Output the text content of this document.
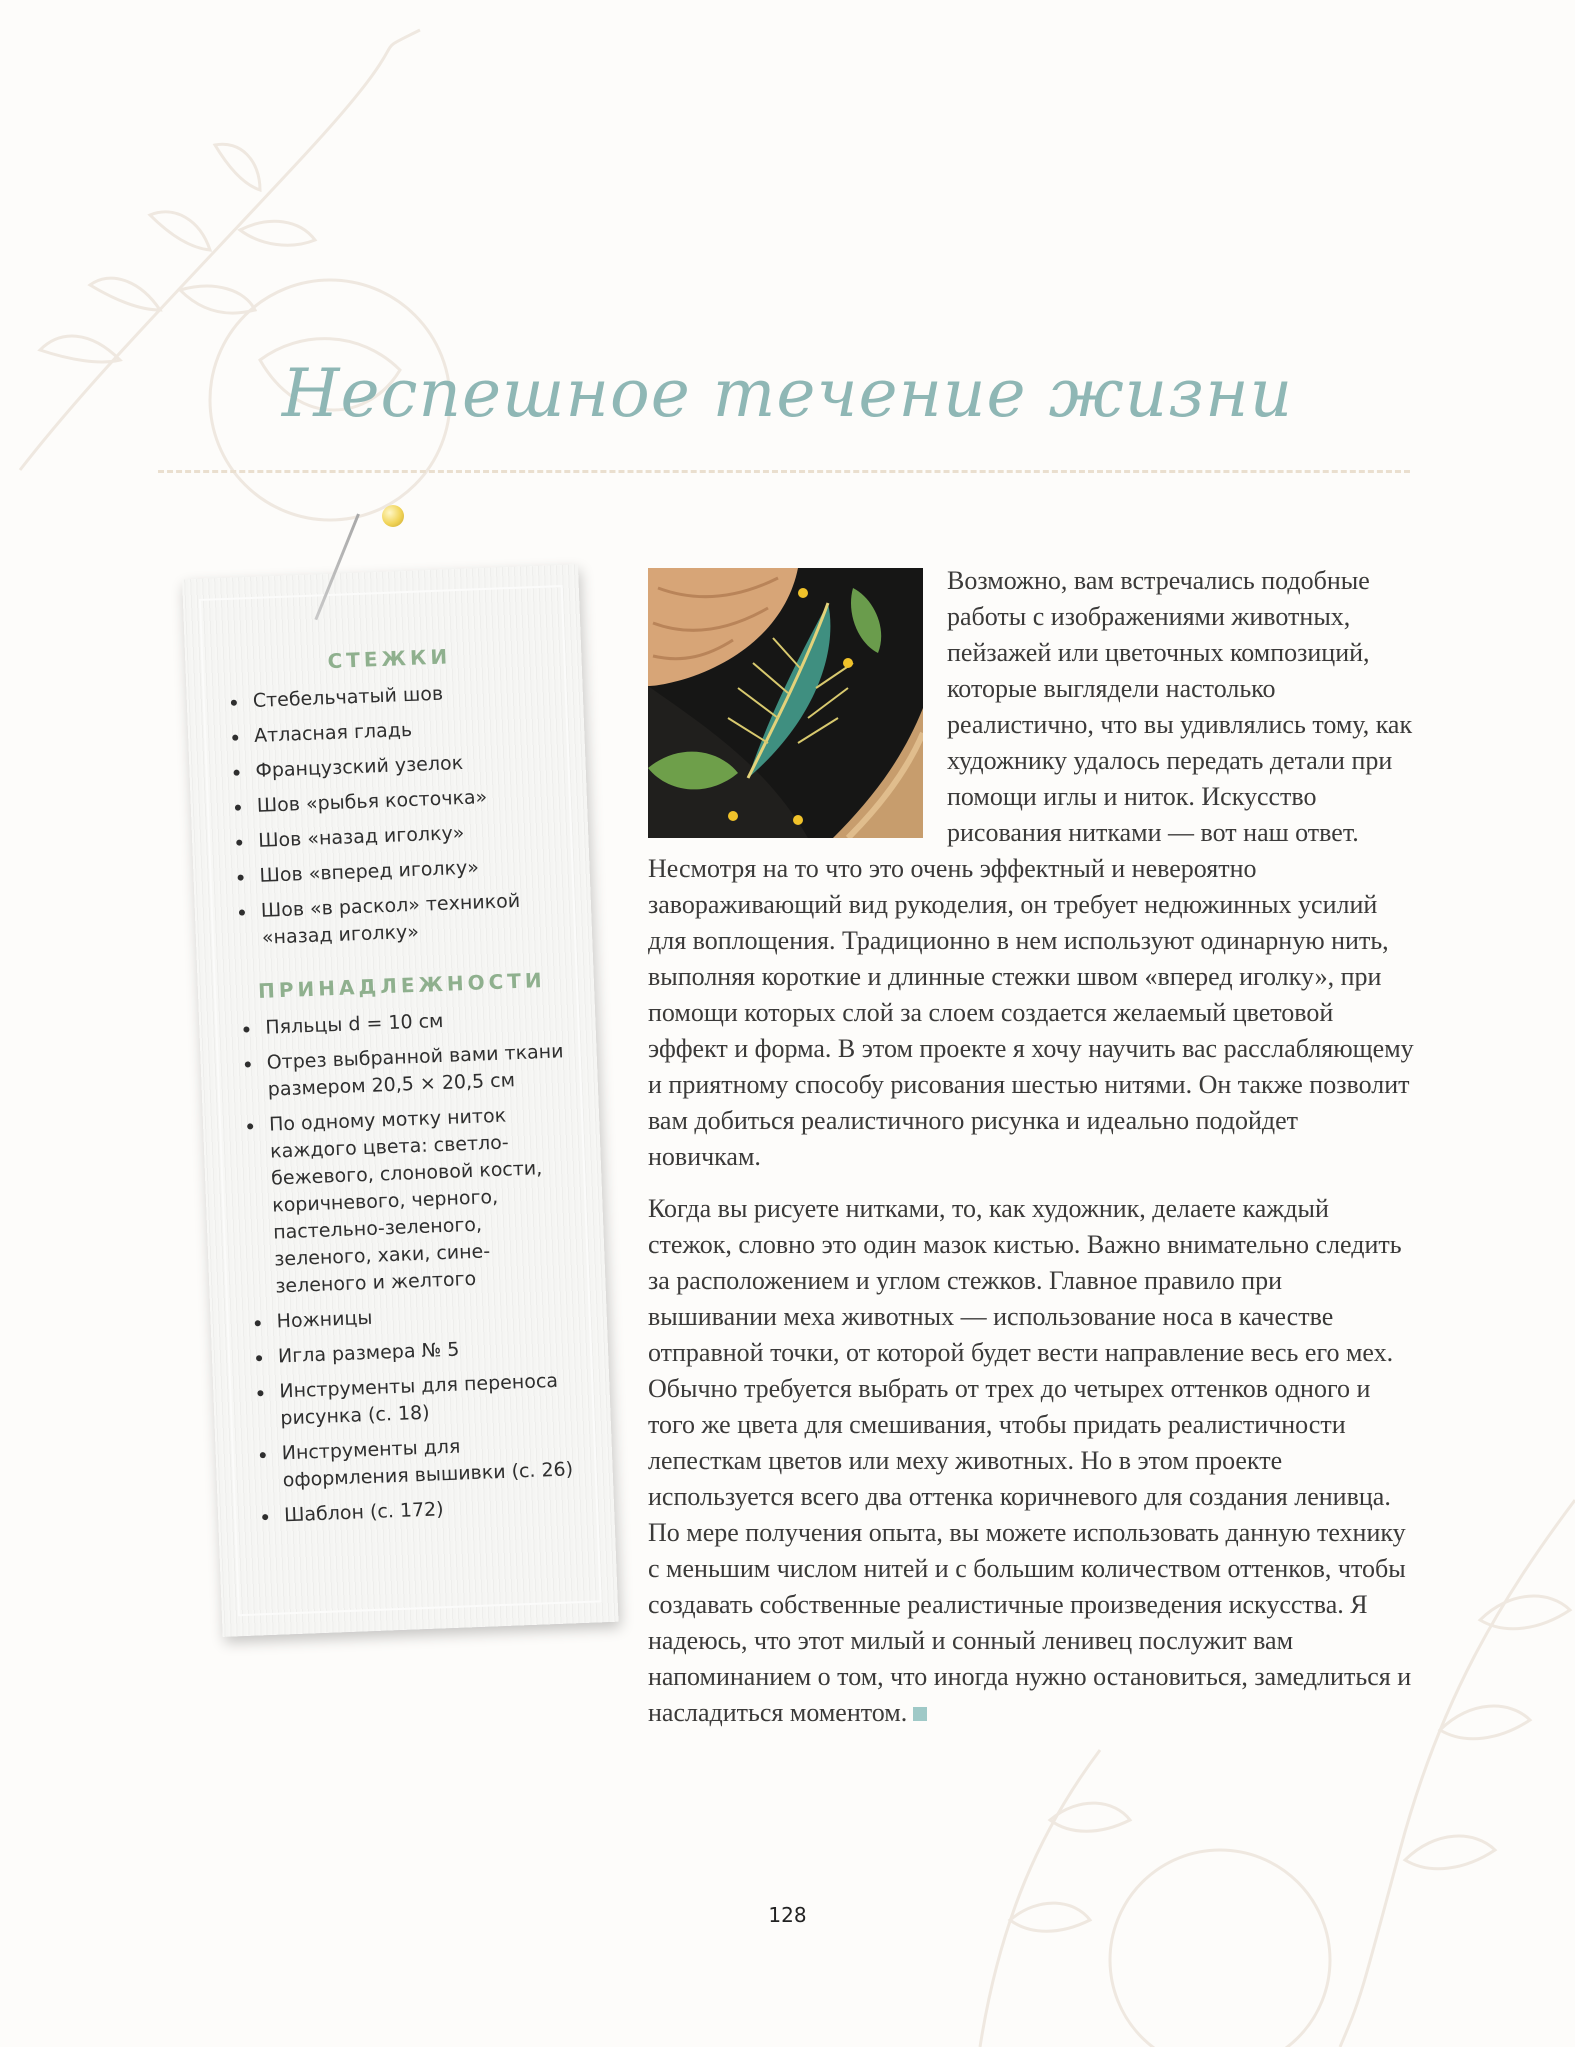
Неспешное течение жизни
СТЕЖКИ
• Стебельчатый шов
• Атласная гладь
• Французский узелок
• Шов «рыбья косточка»
• Шов «назад иголку»
• Шов «вперед иголку»
• Шов «в раскол» техникой «назад иголку»
ПРИНАДЛЕЖНОСТИ
• Пяльцы d = 10 см
• Отрез выбранной вами ткани размером 20,5 × 20,5 см
• По одному мотку ниток каждого цвета: светло-бежевого, слоновой кости, коричневого, черного, пастельно-зеленого, зеленого, хаки, сине-зеленого и желтого
• Ножницы
• Игла размера № 5
• Инструменты для переноса рисунка (с. 18)
• Инструменты для оформления вышивки (с. 26)
• Шаблон (с. 172)

Возможно, вам встречались подобные работы с изображениями животных, пейзажей или цветочных композиций, которые выглядели настолько реалистично, что вы удивлялись тому, как художнику удалось передать детали при помощи иглы и ниток. Искусство рисования нитками — вот наш ответ. Несмотря на то что это очень эффектный и невероятно завораживающий вид рукоделия, он требует недюжинных усилий для воплощения. Традиционно в нем используют одинарную нить, выполняя короткие и длинные стежки швом «вперед иголку», при помощи которых слой за слоем создается желаемый цветовой эффект и форма. В этом проекте я хочу научить вас расслабляющему и приятному способу рисования шестью нитями. Он также позволит вам добиться реалистичного рисунка и идеально подойдет новичкам.

Когда вы рисуете нитками, то, как художник, делаете каждый стежок, словно это один мазок кистью. Важно внимательно следить за расположением и углом стежков. Главное правило при вышивании меха животных — использование носа в качестве отправной точки, от которой будет вести направление весь его мех. Обычно требуется выбрать от трех до четырех оттенков одного и того же цвета для смешивания, чтобы придать реалистичности лепесткам цветов или меху животных. Но в этом проекте используется всего два оттенка коричневого для создания ленивца. По мере получения опыта, вы можете использовать данную технику с меньшим числом нитей и с большим количеством оттенков, чтобы создавать собственные реалистичные произведения искусства. Я надеюсь, что этот милый и сонный ленивец послужит вам напоминанием о том, что иногда нужно остановиться, замедлиться и насладиться моментом.

128
